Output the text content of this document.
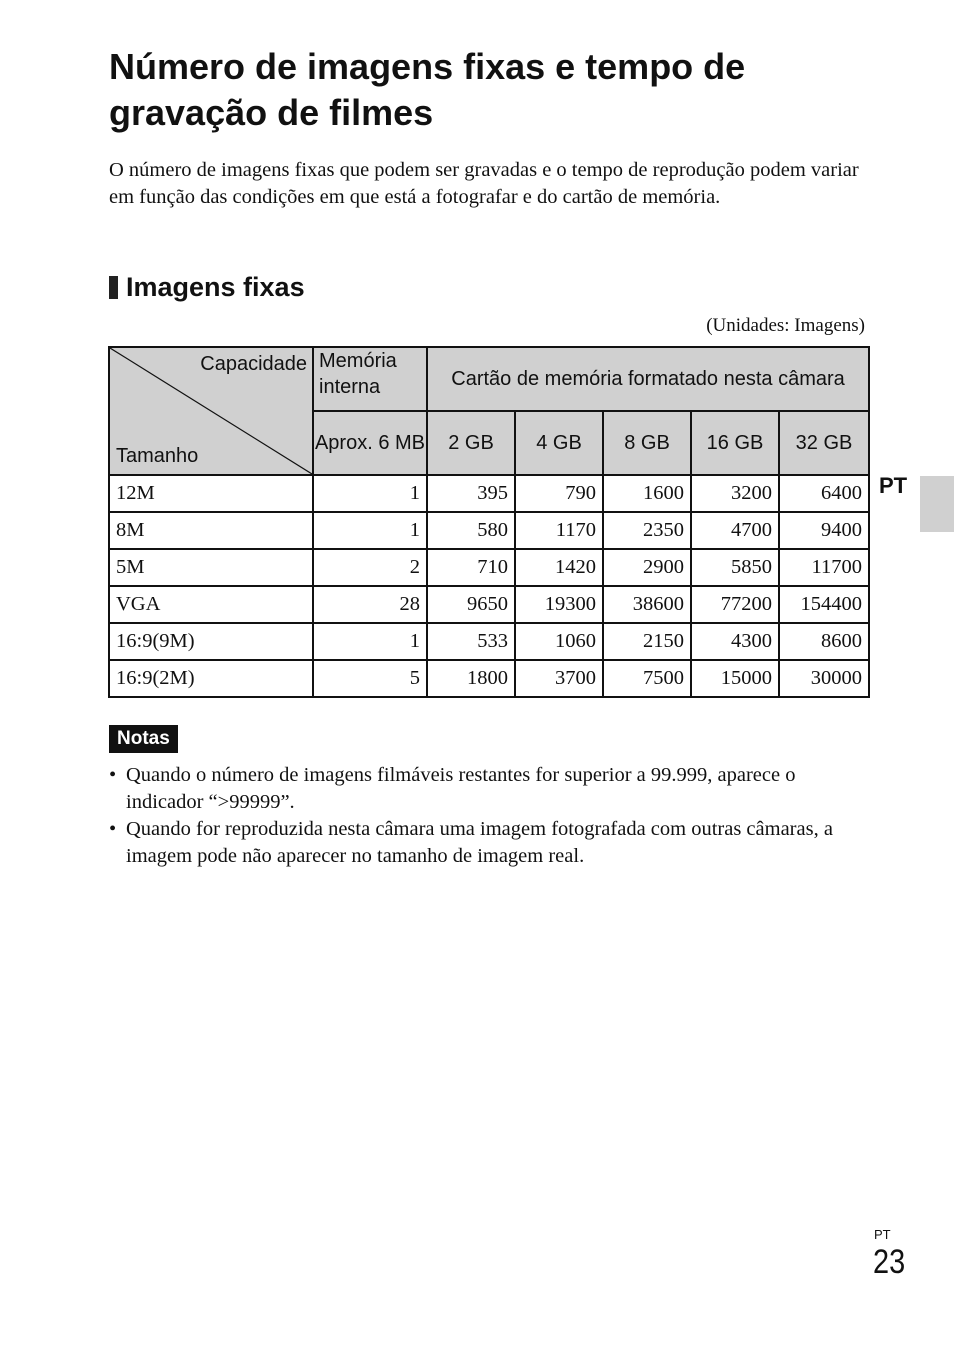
Número de imagens fixas e tempo de gravação de filmes

O número de imagens fixas que podem ser gravadas e o tempo de reprodução podem variar em função das condições em que está a fotografar e do cartão de memória.

Imagens fixas
(Unidades: Imagens)
Capacidade
Tamanho	Memória interna	Cartão de memória formatado nesta câmara				
	Aprox. 6 MB	2 GB	4 GB	8 GB	16 GB	32 GB
12M	1	395	790	1600	3200	6400
8M	1	580	1170	2350	4700	9400
5M	2	710	1420	2900	5850	11700
VGA	28	9650	19300	38600	77200	154400
16:9(9M)	1	533	1060	2150	4300	8600
16:9(2M)	5	1800	3700	7500	15000	30000
Notas
• Quando o número de imagens filmáveis restantes for superior a 99.999, aparece o indicador “>99999”.
• Quando for reproduzida nesta câmara uma imagem fotografada com outras câmaras, a imagem pode não aparecer no tamanho de imagem real.
PT
PT
23
